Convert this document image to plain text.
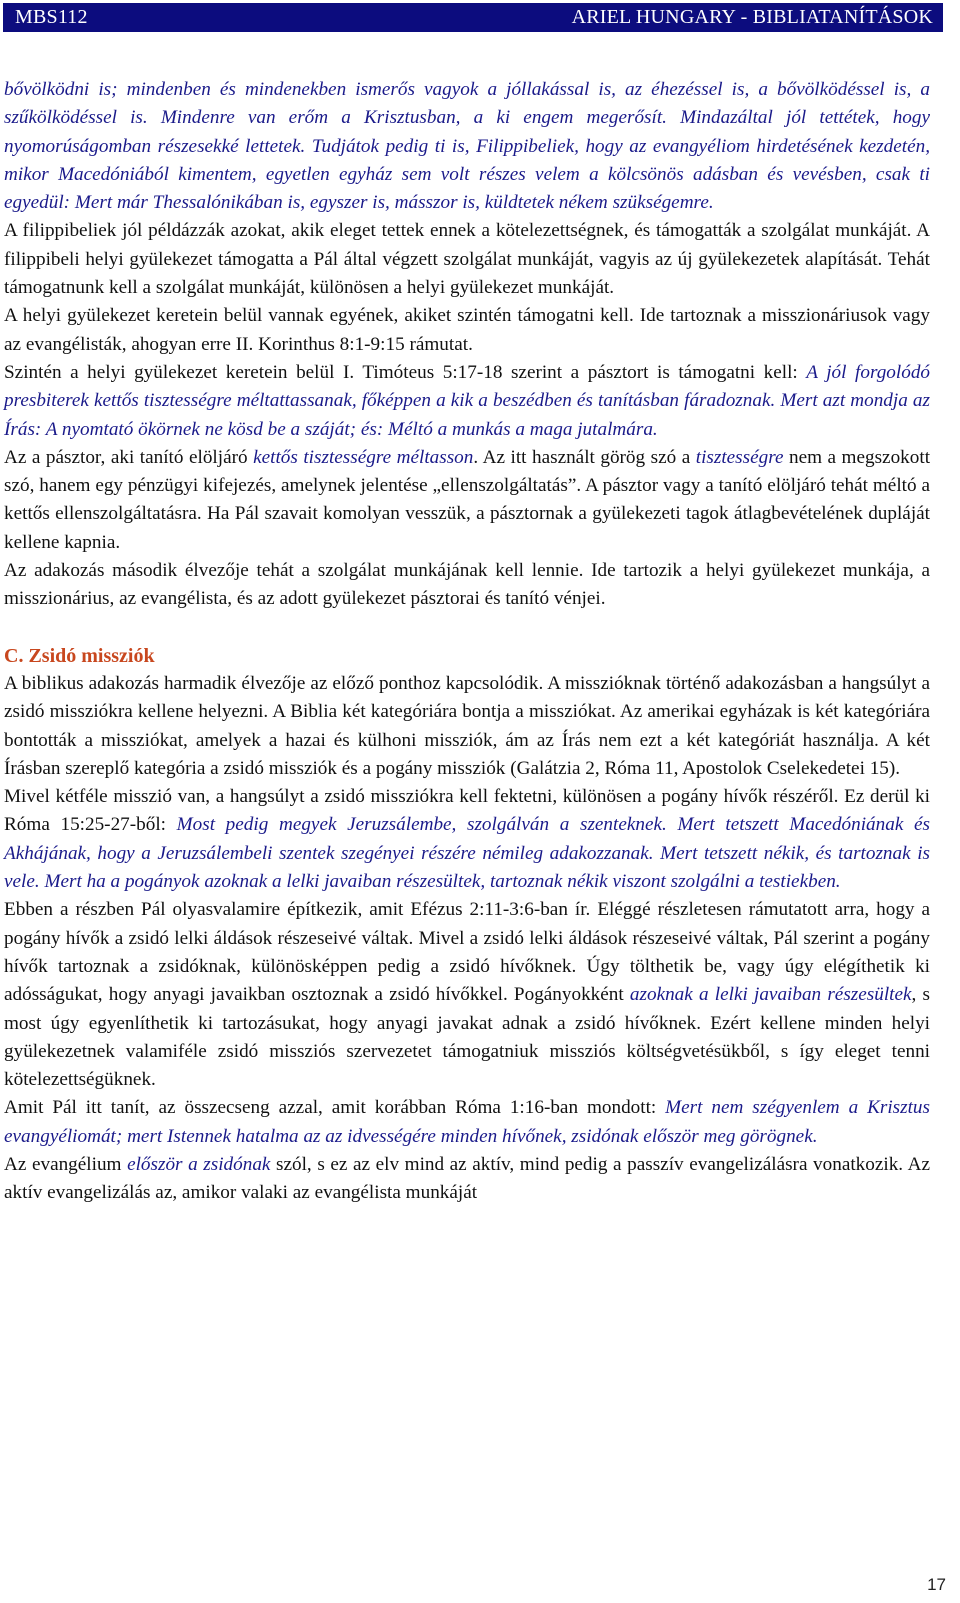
MBS112	ARIEL HUNGARY - BIBLIATANÍTÁSOK

bővölködni is; mindenben és mindenekben ismerős vagyok a jóllakással is, az éhezéssel is, a bővölködéssel is, a szűkölködéssel is. Mindenre van erőm a Krisztusban, a ki engem megerősít. Mindazáltal jól tettétek, hogy nyomorúságomban részesekké lettetek. Tudjátok pedig ti is, Filippibeliek, hogy az evangyéliom hirdetésének kezdetén, mikor Macedóniából kimentem, egyetlen egyház sem volt részes velem a kölcsönös adásban és vevésben, csak ti egyedül: Mert már Thessalónikában is, egyszer is, másszor is, küldtetek nékem szükségemre.

A filippibeliek jól példázzák azokat, akik eleget tettek ennek a kötelezettségnek, és támogatták a szolgálat munkáját. A filippibeli helyi gyülekezet támogatta a Pál által végzett szolgálat munkáját, vagyis az új gyülekezetek alapítását. Tehát támogatnunk kell a szolgálat munkáját, különösen a helyi gyülekezet munkáját.

A helyi gyülekezet keretein belül vannak egyének, akiket szintén támogatni kell. Ide tartoznak a misszionáriusok vagy az evangélisták, ahogyan erre II. Korinthus 8:1-9:15 rámutat.

Szintén a helyi gyülekezet keretein belül I. Timóteus 5:17-18 szerint a pásztort is támogatni kell: A jól forgolódó presbiterek kettős tisztességre méltattassanak, főképpen a kik a beszédben és tanításban fáradoznak. Mert azt mondja az Írás: A nyomtató ökörnek ne kösd be a száját; és: Méltó a munkás a maga jutalmára.

Az a pásztor, aki tanító elöljáró kettős tisztességre méltasson. Az itt használt görög szó a tisztességre nem a megszokott szó, hanem egy pénzügyi kifejezés, amelynek jelentése „ellenszolgáltatás”. A pásztor vagy a tanító elöljáró tehát méltó a kettős ellenszolgáltatásra. Ha Pál szavait komolyan vesszük, a pásztornak a gyülekezeti tagok átlagbevételének dupláját kellene kapnia.

Az adakozás második élvezője tehát a szolgálat munkájának kell lennie. Ide tartozik a helyi gyülekezet munkája, a misszionárius, az evangélista, és az adott gyülekezet pásztorai és tanító vénjei.

C. Zsidó missziók

A biblikus adakozás harmadik élvezője az előző ponthoz kapcsolódik. A misszióknak történő adakozásban a hangsúlyt a zsidó missziókra kellene helyezni. A Biblia két kategóriára bontja a missziókat. Az amerikai egyházak is két kategóriára bontották a missziókat, amelyek a hazai és külhoni missziók, ám az Írás nem ezt a két kategóriát használja. A két Írásban szereplő kategória a zsidó missziók és a pogány missziók (Galátzia 2, Róma 11, Apostolok Cselekedetei 15).

Mivel kétféle misszió van, a hangsúlyt a zsidó missziókra kell fektetni, különösen a pogány hívők részéről. Ez derül ki Róma 15:25-27-ből: Most pedig megyek Jeruzsálembe, szolgálván a szenteknek. Mert tetszett Macedóniának és Akhájának, hogy a Jeruzsálembeli szentek szegényei részére némileg adakozzanak. Mert tetszett nékik, és tartoznak is vele. Mert ha a pogányok azoknak a lelki javaiban részesültek, tartoznak nékik viszont szolgálni a testiekben.

Ebben a részben Pál olyasvalamire építkezik, amit Efézus 2:11-3:6-ban ír. Eléggé részletesen rámutatott arra, hogy a pogány hívők a zsidó lelki áldások részeseivé váltak. Mivel a zsidó lelki áldások részeseivé váltak, Pál szerint a pogány hívők tartoznak a zsidóknak, különösképpen pedig a zsidó hívőknek. Úgy tölthetik be, vagy úgy elégíthetik ki adósságukat, hogy anyagi javaikban osztoznak a zsidó hívőkkel. Pogányokként azoknak a lelki javaiban részesültek, s most úgy egyenlíthetik ki tartozásukat, hogy anyagi javakat adnak a zsidó hívőknek. Ezért kellene minden helyi gyülekezetnek valamiféle zsidó missziós szervezetet támogatniuk missziós költségvetésükből, s így eleget tenni kötelezettségüknek.

Amit Pál itt tanít, az összecseng azzal, amit korábban Róma 1:16-ban mondott: Mert nem szégyenlem a Krisztus evangyéliomát; mert Istennek hatalma az az idvességére minden hívőnek, zsidónak először meg görögnek.

Az evangélium először a zsidónak szól, s ez az elv mind az aktív, mind pedig a passzív evangelizálásra vonatkozik. Az aktív evangelizálás az, amikor valaki az evangélista munkáját

17
